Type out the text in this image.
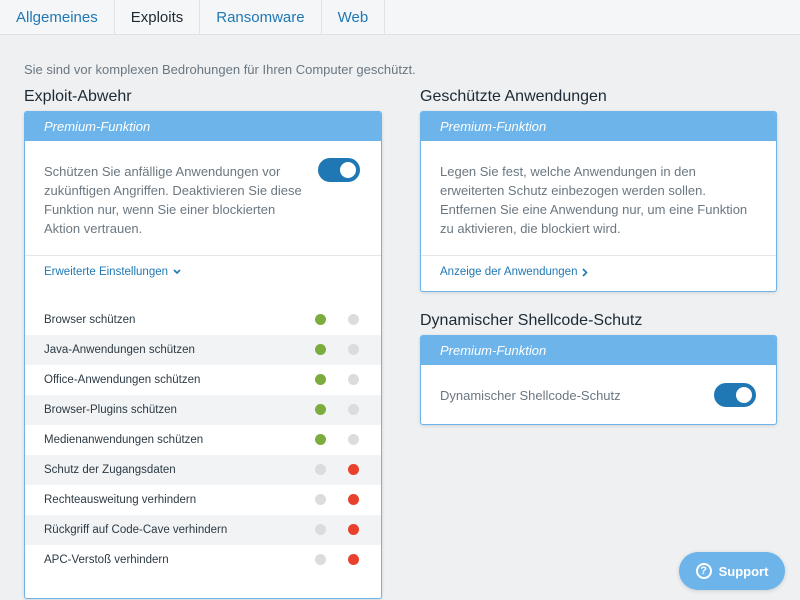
Allgemeines	Exploits	Ransomware	Web
Sie sind vor komplexen Bedrohungen für Ihren Computer geschützt.
Exploit-Abwehr
Premium-Funktion
Schützen Sie anfällige Anwendungen vor zukünftigen Angriffen. Deaktivieren Sie diese Funktion nur, wenn Sie einer blockierten Aktion vertrauen.
Erweiterte Einstellungen
Browser schützen
Java-Anwendungen schützen
Office-Anwendungen schützen
Browser-Plugins schützen
Medienanwendungen schützen
Schutz der Zugangsdaten
Rechteausweitung verhindern
Rückgriff auf Code-Cave verhindern
APC-Verstoß verhindern
Geschützte Anwendungen
Premium-Funktion
Legen Sie fest, welche Anwendungen in den erweiterten Schutz einbezogen werden sollen. Entfernen Sie eine Anwendung nur, um eine Funktion zu aktivieren, die blockiert wird.
Anzeige der Anwendungen
Dynamischer Shellcode-Schutz
Premium-Funktion
Dynamischer Shellcode-Schutz
? Support
